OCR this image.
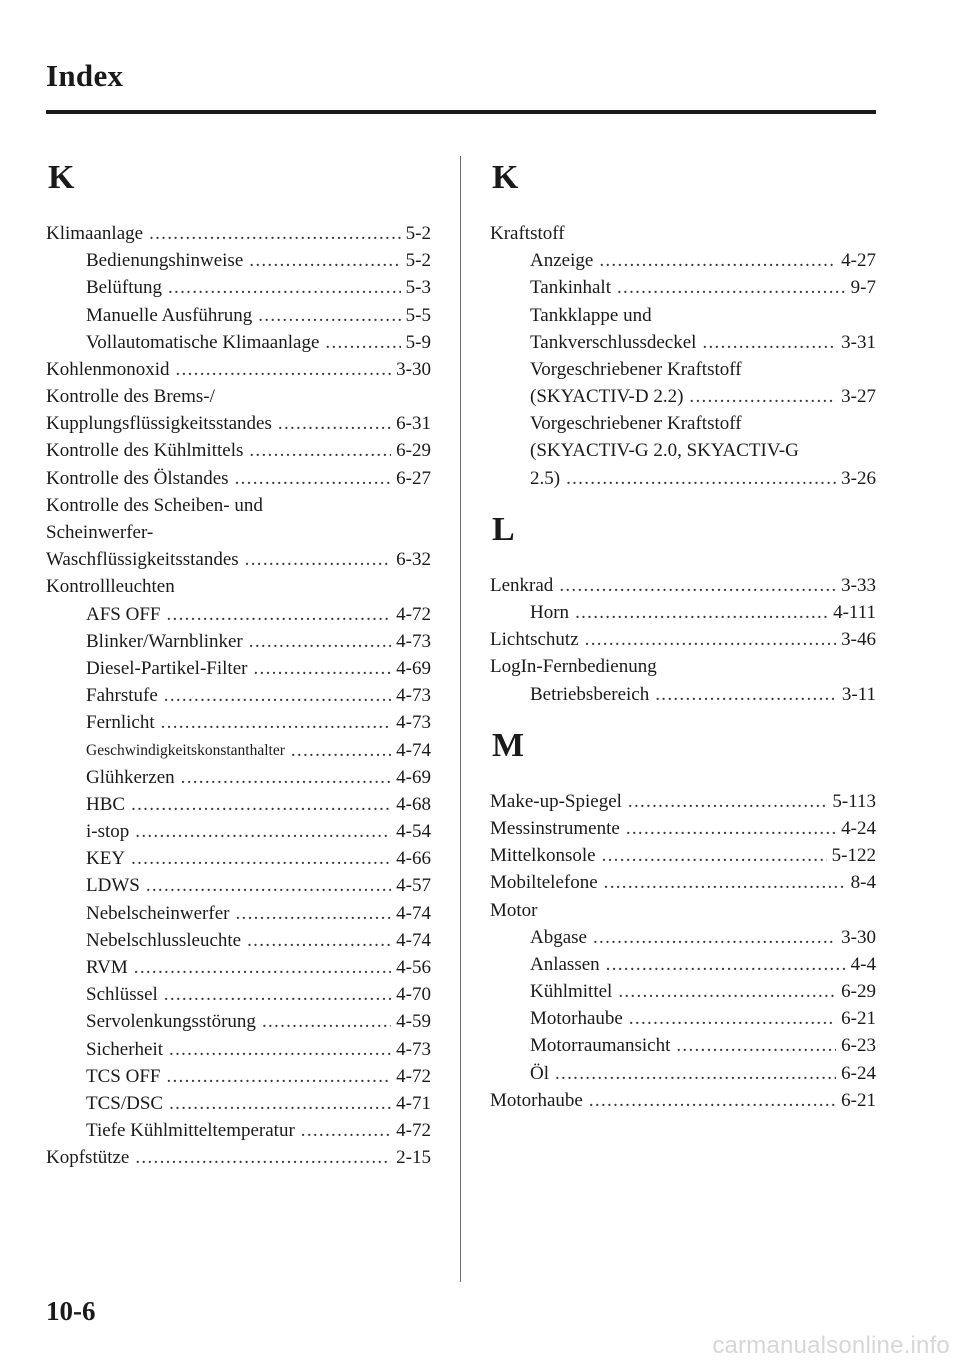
Index
K
Klimaanlage .....	5-2
Bedienungshinweise .....	5-2
Belüftung .....	5-3
Manuelle Ausführung .....	5-5
Vollautomatische Klimaanlage .....	5-9
Kohlenmonoxid .....	3-30
Kontrolle des Brems-/
Kupplungsflüssigkeitsstandes .....	6-31
Kontrolle des Kühlmittels .....	6-29
Kontrolle des Ölstandes .....	6-27
Kontrolle des Scheiben- und
Scheinwerfer-
Waschflüssigkeitsstandes .....	6-32
Kontrollleuchten
AFS OFF .....	4-72
Blinker/Warnblinker .....	4-73
Diesel-Partikel-Filter .....	4-69
Fahrstufe .....	4-73
Fernlicht .....	4-73
Geschwindigkeitskonstanthalter .....	4-74
Glühkerzen .....	4-69
HBC .....	4-68
i-stop .....	4-54
KEY .....	4-66
LDWS .....	4-57
Nebelscheinwerfer .....	4-74
Nebelschlussleuchte .....	4-74
RVM .....	4-56
Schlüssel .....	4-70
Servolenkungsstörung .....	4-59
Sicherheit .....	4-73
TCS OFF .....	4-72
TCS/DSC .....	4-71
Tiefe Kühlmitteltemperatur .....	4-72
Kopfstütze .....	2-15
K
Kraftstoff
Anzeige .....	4-27
Tankinhalt .....	9-7
Tankklappe und
Tankverschlussdeckel .....	3-31
Vorgeschriebener Kraftstoff
(SKYACTIV-D 2.2) .....	3-27
Vorgeschriebener Kraftstoff
(SKYACTIV-G 2.0, SKYACTIV-G
2.5) .....	3-26
L
Lenkrad .....	3-33
Horn .....	4-111
Lichtschutz .....	3-46
LogIn-Fernbedienung
Betriebsbereich .....	3-11
M
Make-up-Spiegel .....	5-113
Messinstrumente .....	4-24
Mittelkonsole .....	5-122
Mobiltelefone .....	8-4
Motor
Abgase .....	3-30
Anlassen .....	4-4
Kühlmittel .....	6-29
Motorhaube .....	6-21
Motorraumansicht .....	6-23
Öl .....	6-24
Motorhaube .....	6-21
10-6
carmanualsonline.info
